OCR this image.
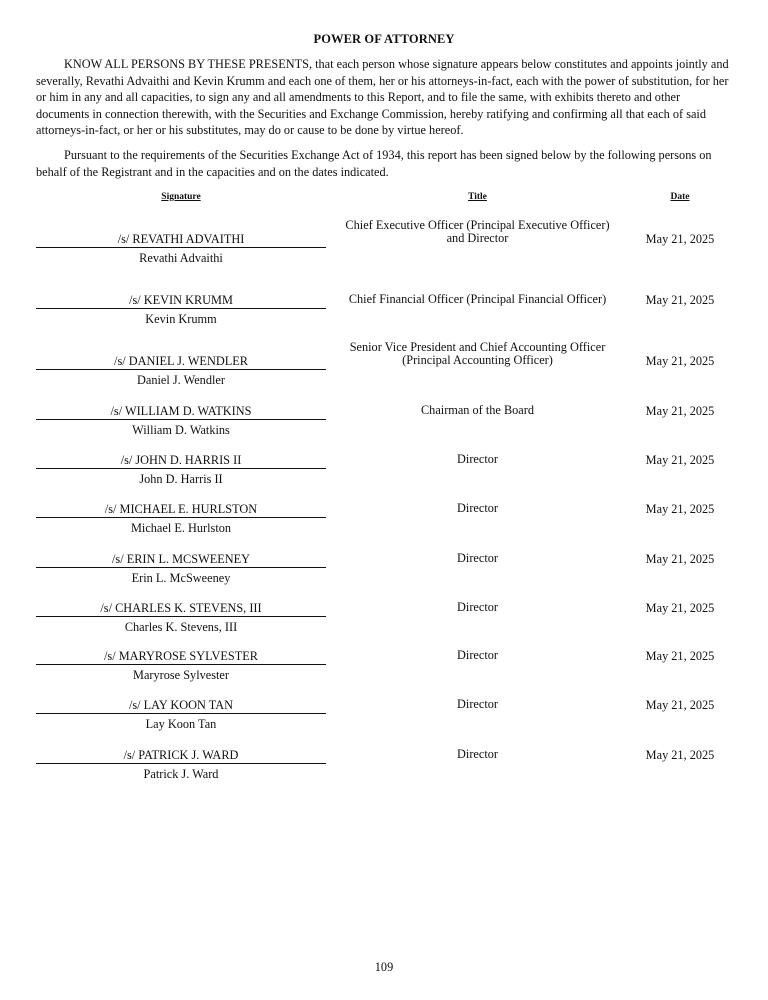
POWER OF ATTORNEY

KNOW ALL PERSONS BY THESE PRESENTS, that each person whose signature appears below constitutes and appoints jointly and severally, Revathi Advaithi and Kevin Krumm and each one of them, her or his attorneys-in-fact, each with the power of substitution, for her or him in any and all capacities, to sign any and all amendments to this Report, and to file the same, with exhibits thereto and other documents in connection therewith, with the Securities and Exchange Commission, hereby ratifying and confirming all that each of said attorneys-in-fact, or her or his substitutes, may do or cause to be done by virtue hereof.

Pursuant to the requirements of the Securities Exchange Act of 1934, this report has been signed below by the following persons on behalf of the Registrant and in the capacities and on the dates indicated.

Signature	Title	Date
/s/ REVATHI ADVAITHI
Revathi Advaithi
Chief Executive Officer (Principal Executive Officer)
and Director	May 21, 2025
/s/ KEVIN KRUMM
Kevin Krumm
Chief Financial Officer (Principal Financial Officer)	May 21, 2025
/s/ DANIEL J. WENDLER
Daniel J. Wendler
Senior Vice President and Chief Accounting Officer
(Principal Accounting Officer)	May 21, 2025
/s/ WILLIAM D. WATKINS
William D. Watkins
Chairman of the Board	May 21, 2025
/s/ JOHN D. HARRIS II
John D. Harris II
Director	May 21, 2025
/s/ MICHAEL E. HURLSTON
Michael E. Hurlston
Director	May 21, 2025
/s/ ERIN L. MCSWEENEY
Erin L. McSweeney
Director	May 21, 2025
/s/ CHARLES K. STEVENS, III
Charles K. Stevens, III
Director	May 21, 2025
/s/ MARYROSE SYLVESTER
Maryrose Sylvester
Director	May 21, 2025
/s/ LAY KOON TAN
Lay Koon Tan
Director	May 21, 2025
/s/ PATRICK J. WARD
Patrick J. Ward
Director	May 21, 2025
109
